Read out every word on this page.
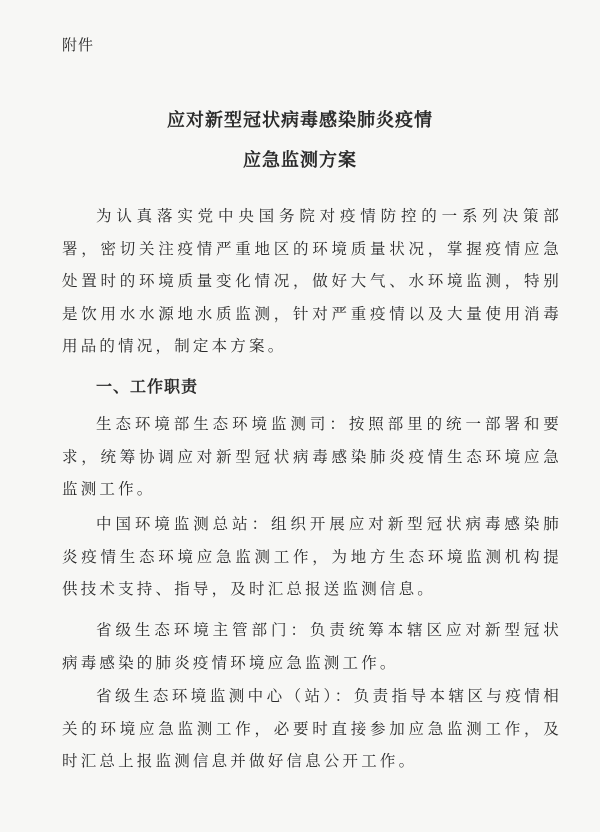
附件
应对新型冠状病毒感染肺炎疫情
应急监测方案

为认真落实党中央国务院对疫情防控的一系列决策部署，密切关注疫情严重地区的环境质量状况，掌握疫情应急处置时的环境质量变化情况，做好大气、水环境监测，特别是饮用水水源地水质监测，针对严重疫情以及大量使用消毒用品的情况，制定本方案。

一、工作职责

生态环境部生态环境监测司：按照部里的统一部署和要求，统筹协调应对新型冠状病毒感染肺炎疫情生态环境应急监测工作。

中国环境监测总站：组织开展应对新型冠状病毒感染肺炎疫情生态环境应急监测工作，为地方生态环境监测机构提供技术支持、指导，及时汇总报送监测信息。

省级生态环境主管部门：负责统筹本辖区应对新型冠状病毒感染的肺炎疫情环境应急监测工作。

省级生态环境监测中心（站）：负责指导本辖区与疫情相关的环境应急监测工作，必要时直接参加应急监测工作，及时汇总上报监测信息并做好信息公开工作。
